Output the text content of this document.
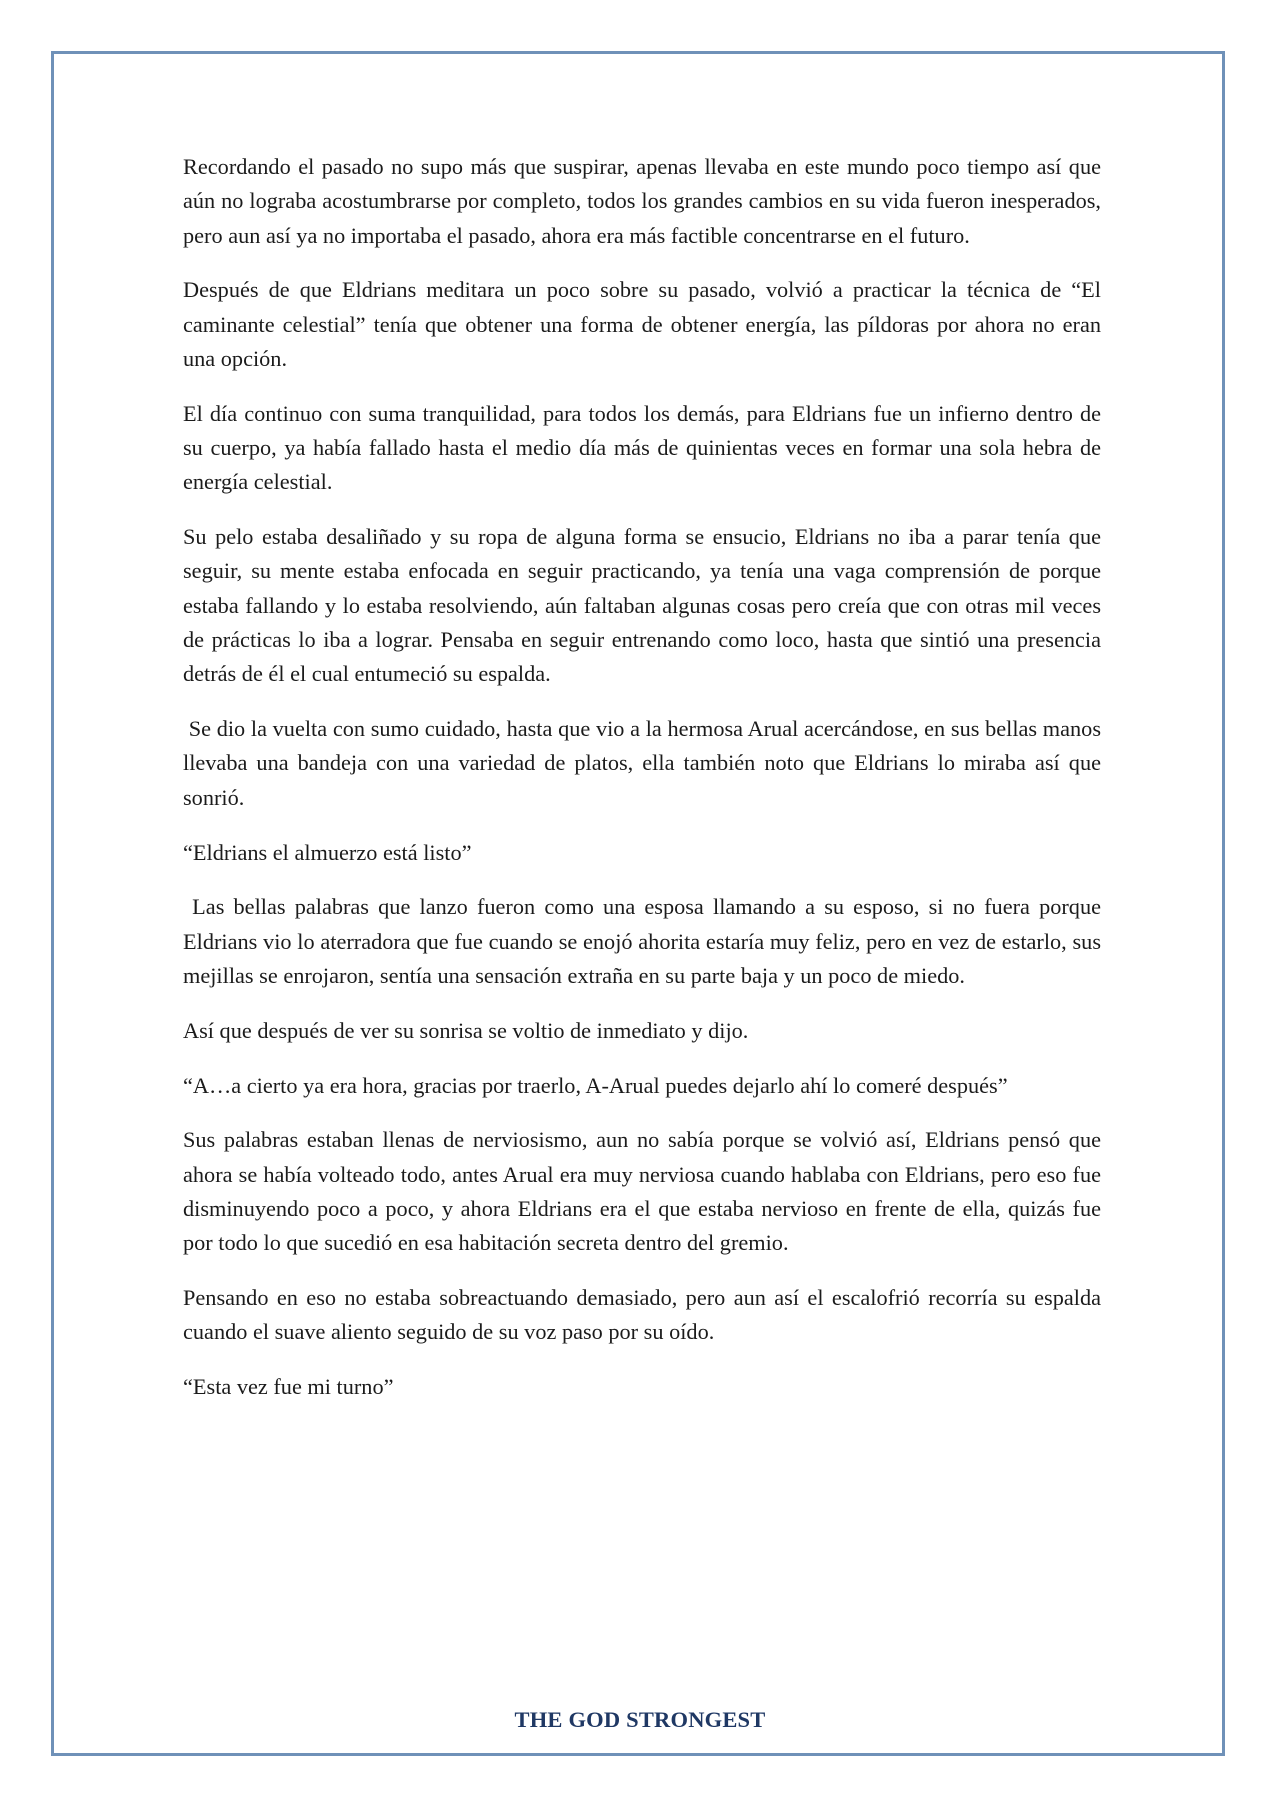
Recordando el pasado no supo más que suspirar, apenas llevaba en este mundo poco tiempo así que aún no lograba acostumbrarse por completo, todos los grandes cambios en su vida fueron inesperados, pero aun así ya no importaba el pasado, ahora era más factible concentrarse en el futuro.

Después de que Eldrians meditara un poco sobre su pasado, volvió a practicar la técnica de “El caminante celestial” tenía que obtener una forma de obtener energía, las píldoras por ahora no eran una opción.

El día continuo con suma tranquilidad, para todos los demás, para Eldrians fue un infierno dentro de su cuerpo, ya había fallado hasta el medio día más de quinientas veces en formar una sola hebra de energía celestial.

Su pelo estaba desaliñado y su ropa de alguna forma se ensucio, Eldrians no iba a parar tenía que seguir, su mente estaba enfocada en seguir practicando, ya tenía una vaga comprensión de porque estaba fallando y lo estaba resolviendo, aún faltaban algunas cosas pero creía que con otras mil veces de prácticas lo iba a lograr. Pensaba en seguir entrenando como loco, hasta que sintió una presencia detrás de él el cual entumeció su espalda.

Se dio la vuelta con sumo cuidado, hasta que vio a la hermosa Arual acercándose, en sus bellas manos llevaba una bandeja con una variedad de platos, ella también noto que Eldrians lo miraba así que sonrió.

“Eldrians el almuerzo está listo”

Las bellas palabras que lanzo fueron como una esposa llamando a su esposo, si no fuera porque Eldrians vio lo aterradora que fue cuando se enojó ahorita estaría muy feliz, pero en vez de estarlo, sus mejillas se enrojaron, sentía una sensación extraña en su parte baja y un poco de miedo.

Así que después de ver su sonrisa se voltio de inmediato y dijo.

“A…a cierto ya era hora, gracias por traerlo, A-Arual puedes dejarlo ahí lo comeré después”

Sus palabras estaban llenas de nerviosismo, aun no sabía porque se volvió así, Eldrians pensó que ahora se había volteado todo, antes Arual era muy nerviosa cuando hablaba con Eldrians, pero eso fue disminuyendo poco a poco, y ahora Eldrians era el que estaba nervioso en frente de ella, quizás fue por todo lo que sucedió en esa habitación secreta dentro del gremio.

Pensando en eso no estaba sobreactuando demasiado, pero aun así el escalofrió recorría su espalda cuando el suave aliento seguido de su voz paso por su oído.

“Esta vez fue mi turno”

THE GOD STRONGEST
